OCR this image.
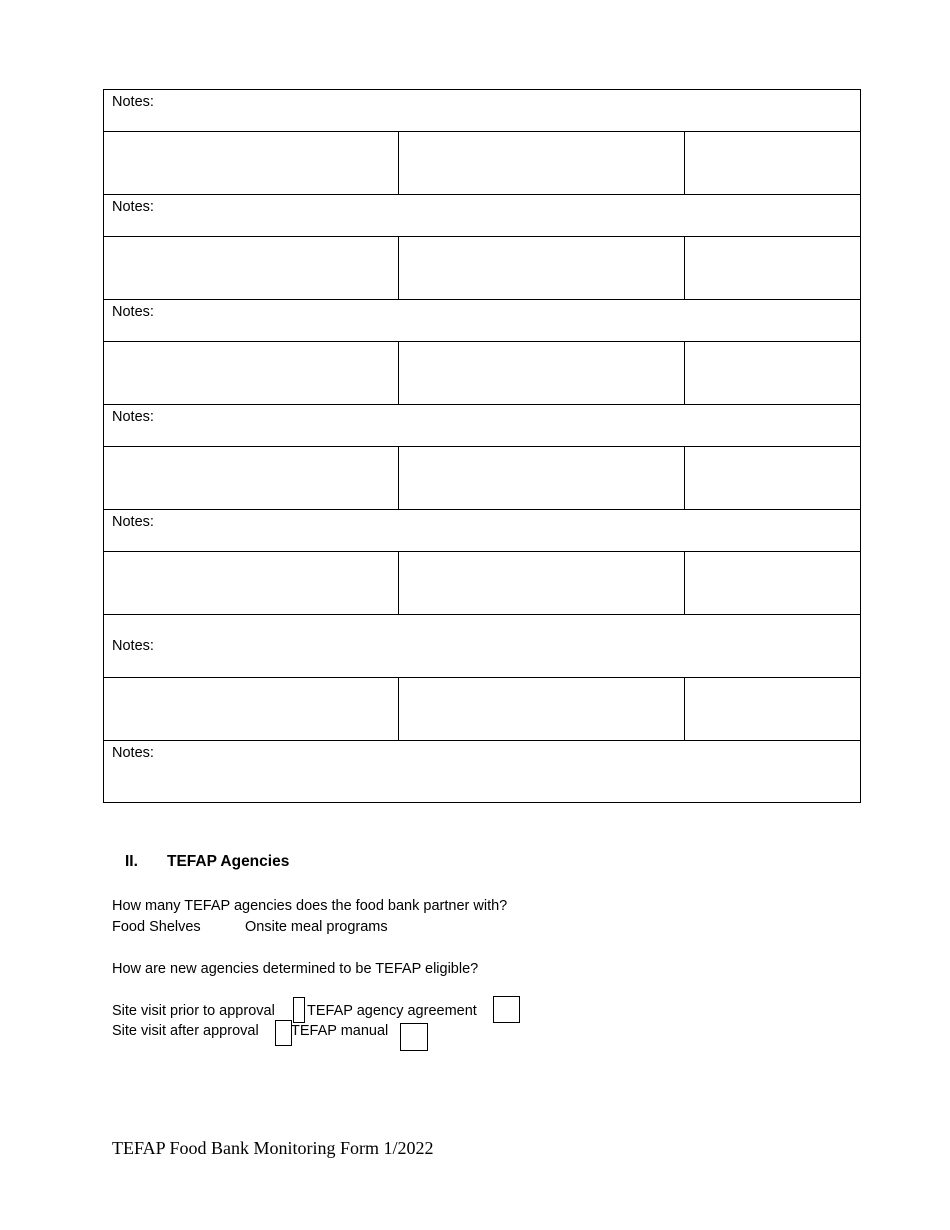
Notes:		

Notes:		

Notes:		

Notes:		

Notes:		

Notes:		

Notes:		
II. TEFAP Agencies
How many TEFAP agencies does the food bank partner with?
Food Shelves	Onsite meal programs
How are new agencies determined to be TEFAP eligible?
Site visit prior to approval TEFAP agency agreement
Site visit after approval TEFAP manual
TEFAP Food Bank Monitoring Form 1/2022
